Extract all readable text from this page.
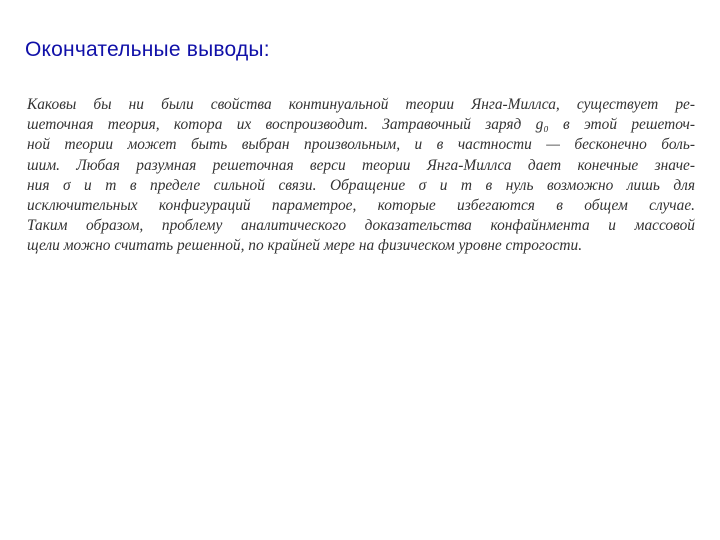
Окончательные выводы:
Каковы бы ни были свойства континуальной теории Янга-Миллса, существует ре-
шеточная теория, котора их воспроизводит. Затравочный заряд g₀ в этой решеточ-
ной теории может быть выбран произвольным, и в частности — бесконечно боль-
шим. Любая разумная решеточная верси теории Янга-Миллса дает конечные значе-
ния σ и m в пределе сильной связи. Обращение σ и m в нуль возможно лишь для
исключительных конфигураций параметрое, которые избегаются в общем случае.
Таким образом, проблему аналитического доказательства конфайнмента и массовой
щели можно считать решенной, по крайней мере на физическом уровне строгости.
